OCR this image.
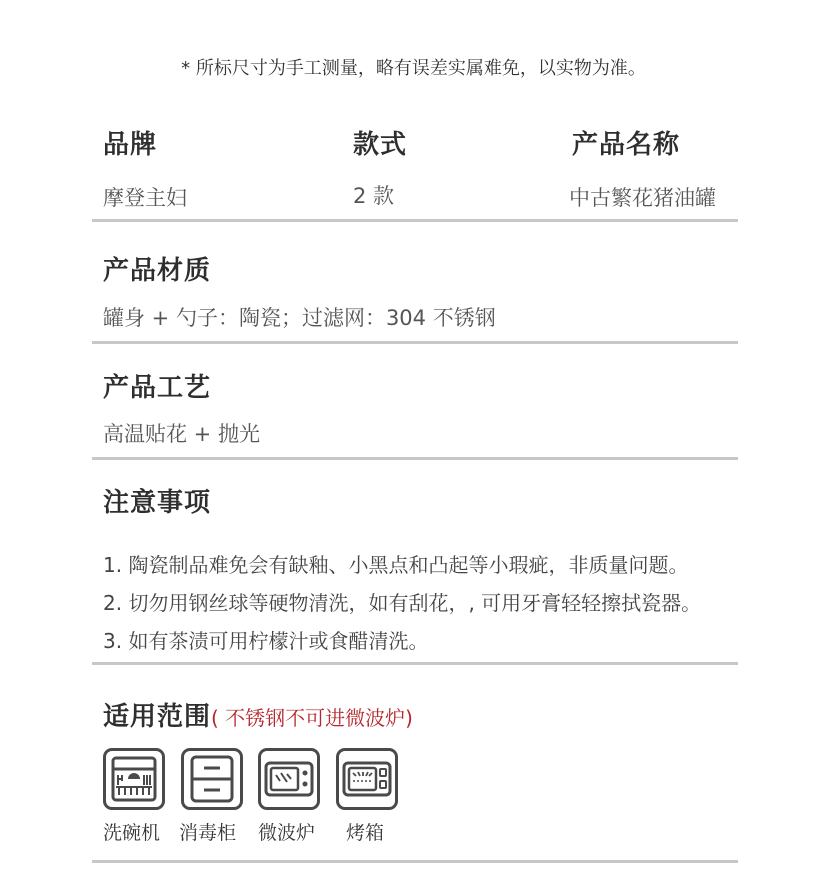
* 所标尺寸为手工测量，略有误差实属难免，以实物为准。
品牌
摩登主妇
款式
2 款
产品名称
中古繁花猪油罐
产品材质
罐身 + 勺子：陶瓷；过滤网：304 不锈钢
产品工艺
高温贴花 + 抛光
注意事项
1. 陶瓷制品难免会有缺釉、小黑点和凸起等小瑕疵，非质量问题。
2. 切勿用钢丝球等硬物清洗，如有刮花，, 可用牙膏轻轻擦拭瓷器。
3. 如有茶渍可用柠檬汁或食醋清洗。
适用范围( 不锈钢不可进微波炉)
洗碗机 消毒柜	微波炉	烤箱
